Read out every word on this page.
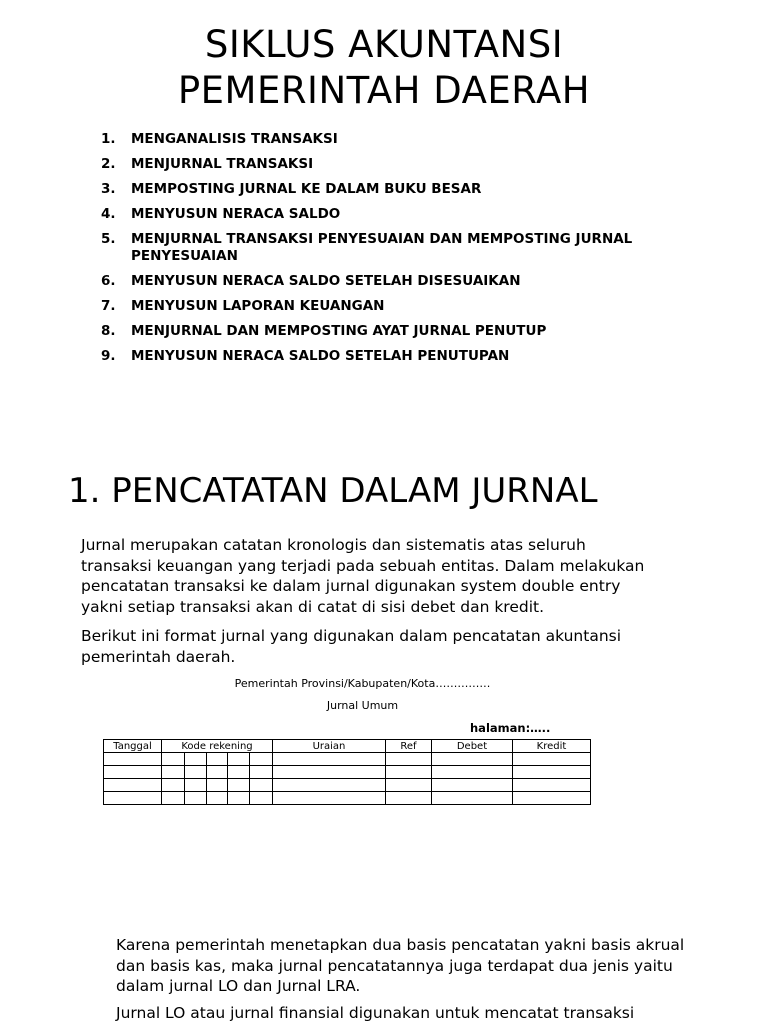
SIKLUS AKUNTANSI
PEMERINTAH DAERAH
1. MENGANALISIS TRANSAKSI
2. MENJURNAL TRANSAKSI
3. MEMPOSTING JURNAL KE DALAM BUKU BESAR
4. MENYUSUN NERACA SALDO
5. MENJURNAL TRANSAKSI PENYESUAIAN DAN MEMPOSTING JURNAL PENYESUAIAN
6. MENYUSUN NERACA SALDO SETELAH DISESUAIKAN
7. MENYUSUN LAPORAN KEUANGAN
8. MENJURNAL DAN MEMPOSTING AYAT JURNAL PENUTUP
9. MENYUSUN NERACA SALDO SETELAH PENUTUPAN
1. PENCATATAN DALAM JURNAL

Jurnal merupakan catatan kronologis dan sistematis atas seluruh transaksi keuangan yang terjadi pada sebuah entitas. Dalam melakukan pencatatan transaksi ke dalam jurnal digunakan system double entry yakni setiap transaksi akan di catat di sisi debet dan kredit.

Berikut ini format jurnal yang digunakan dalam pencatatan akuntansi pemerintah daerah.

Pemerintah Provinsi/Kabupaten/Kota……………
Jurnal Umum
halaman:…..
Tanggal	Kode rekening					Uraian	Ref	Debet	Kredit

Karena pemerintah menetapkan dua basis pencatatan yakni basis akrual dan basis kas, maka jurnal pencatatannya juga terdapat dua jenis yaitu dalam jurnal LO dan Jurnal LRA.

Jurnal LO atau jurnal finansial digunakan untuk mencatat transaksi
